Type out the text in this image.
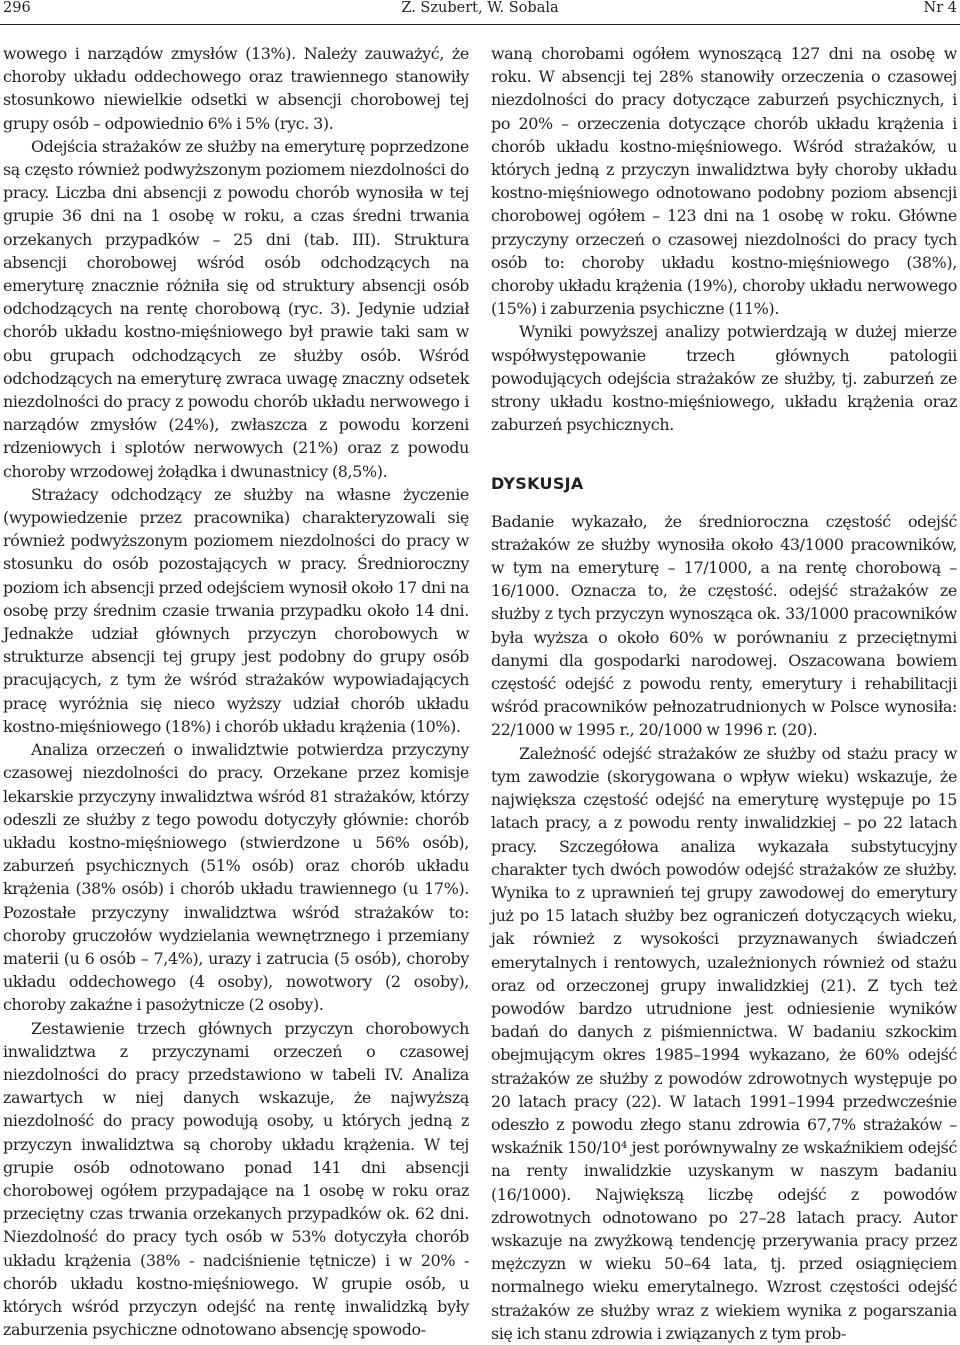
Z. Szubert, W. Sobala
296	Nr 4

wowego i narządów zmysłów (13%). Należy zauważyć, że choroby układu oddechowego oraz trawiennego stanowiły stosunkowo niewielkie odsetki w absencji chorobowej tej grupy osób – odpowiednio 6% i 5% (ryc. 3).

Odejścia strażaków ze służby na emeryturę poprzedzone są często również podwyższonym poziomem niezdolności do pracy. Liczba dni absencji z powodu chorób wynosiła w tej grupie 36 dni na 1 osobę w roku, a czas średni trwania orzekanych przypadków – 25 dni (tab. III). Struktura absencji chorobowej wśród osób odchodzących na emeryturę znacznie różniła się od struktury absencji osób odchodzących na rentę chorobową (ryc. 3). Jedynie udział chorób układu kostno-mięśniowego był prawie taki sam w obu grupach odchodzących ze służby osób. Wśród odchodzących na emeryturę zwraca uwagę znaczny odsetek niezdolności do pracy z powodu chorób układu nerwowego i narządów zmysłów (24%), zwłaszcza z powodu korzeni rdzeniowych i splotów nerwowych (21%) oraz z powodu choroby wrzodowej żołądka i dwunastnicy (8,5%).

Strażacy odchodzący ze służby na własne życzenie (wypowiedzenie przez pracownika) charakteryzowali się również podwyższonym poziomem niezdolności do pracy w stosunku do osób pozostających w pracy. Średnioroczny poziom ich absencji przed odejściem wynosił około 17 dni na osobę przy średnim czasie trwania przypadku około 14 dni. Jednakże udział głównych przyczyn chorobowych w strukturze absencji tej grupy jest podobny do grupy osób pracujących, z tym że wśród strażaków wypowiadających pracę wyróżnia się nieco wyższy udział chorób układu kostno-mięśniowego (18%) i chorób układu krążenia (10%).

Analiza orzeczeń o inwalidztwie potwierdza przyczyny czasowej niezdolności do pracy. Orzekane przez komisje lekarskie przyczyny inwalidztwa wśród 81 strażaków, którzy odeszli ze służby z tego powodu dotyczyły głównie: chorób układu kostno-mięśniowego (stwierdzone u 56% osób), zaburzeń psychicznych (51% osób) oraz chorób układu krążenia (38% osób) i chorób układu trawiennego (u 17%). Pozostałe przyczyny inwalidztwa wśród strażaków to: choroby gruczołów wydzielania wewnętrznego i przemiany materii (u 6 osób – 7,4%), urazy i zatrucia (5 osób), choroby układu oddechowego (4 osoby), nowotwory (2 osoby), choroby zakaźne i pasożytnicze (2 osoby).

Zestawienie trzech głównych przyczyn chorobowych inwalidztwa z przyczynami orzeczeń o czasowej niezdolności do pracy przedstawiono w tabeli IV. Analiza zawartych w niej danych wskazuje, że najwyższą niezdolność do pracy powodują osoby, u których jedną z przyczyn inwalidztwa są choroby układu krążenia. W tej grupie osób odnotowano ponad 141 dni absencji chorobowej ogółem przypadające na 1 osobę w roku oraz przeciętny czas trwania orzekanych przypadków ok. 62 dni. Niezdolność do pracy tych osób w 53% dotyczyła chorób układu krążenia (38% - nadciśnienie tętnicze) i w 20% - chorób układu kostno-mięśniowego. W grupie osób, u których wśród przyczyn odejść na rentę inwalidzką były zaburzenia psychiczne odnotowano absencję spowodo-

waną chorobami ogółem wynoszącą 127 dni na osobę w roku. W absencji tej 28% stanowiły orzeczenia o czasowej niezdolności do pracy dotyczące zaburzeń psychicznych, i po 20% – orzeczenia dotyczące chorób układu krążenia i chorób układu kostno-mięśniowego. Wśród strażaków, u których jedną z przyczyn inwalidztwa były choroby układu kostno-mięśniowego odnotowano podobny poziom absencji chorobowej ogółem – 123 dni na 1 osobę w roku. Główne przyczyny orzeczeń o czasowej niezdolności do pracy tych osób to: choroby układu kostno-mięśniowego (38%), choroby układu krążenia (19%), choroby układu nerwowego (15%) i zaburzenia psychiczne (11%).

Wyniki powyższej analizy potwierdzają w dużej mierze współwystępowanie trzech głównych patologii powodujących odejścia strażaków ze służby, tj. zaburzeń ze strony układu kostno-mięśniowego, układu krążenia oraz zaburzeń psychicznych.

DYSKUSJA

Badanie wykazało, że średnioroczna częstość odejść strażaków ze służby wynosiła około 43/1000 pracowników, w tym na emeryturę – 17/1000, a na rentę chorobową – 16/1000. Oznacza to, że częstość. odejść strażaków ze służby z tych przyczyn wynosząca ok. 33/1000 pracowników była wyższa o około 60% w porównaniu z przeciętnymi danymi dla gospodarki narodowej. Oszacowana bowiem częstość odejść z powodu renty, emerytury i rehabilitacji wśród pracowników pełnozatrudnionych w Polsce wynosiła: 22/1000 w 1995 r., 20/1000 w 1996 r. (20).

Zależność odejść strażaków ze służby od stażu pracy w tym zawodzie (skorygowana o wpływ wieku) wskazuje, że największa częstość odejść na emeryturę występuje po 15 latach pracy, a z powodu renty inwalidzkiej – po 22 latach pracy. Szczegółowa analiza wykazała substytucyjny charakter tych dwóch powodów odejść strażaków ze służby. Wynika to z uprawnień tej grupy zawodowej do emerytury już po 15 latach służby bez ograniczeń dotyczących wieku, jak również z wysokości przyznawanych świadczeń emerytalnych i rentowych, uzależnionych również od stażu oraz od orzeczonej grupy inwalidzkiej (21). Z tych też powodów bardzo utrudnione jest odniesienie wyników badań do danych z piśmiennictwa. W badaniu szkockim obejmującym okres 1985–1994 wykazano, że 60% odejść strażaków ze służby z powodów zdrowotnych występuje po 20 latach pracy (22). W latach 1991–1994 przedwcześnie odeszło z powodu złego stanu zdrowia 67,7% strażaków – wskaźnik 150/10⁴ jest porównywalny ze wskaźnikiem odejść na renty inwalidzkie uzyskanym w naszym badaniu (16/1000). Największą liczbę odejść z powodów zdrowotnych odnotowano po 27–28 latach pracy. Autor wskazuje na zwyżkową tendencję przerywania pracy przez mężczyzn w wieku 50–64 lata, tj. przed osiągnięciem normalnego wieku emerytalnego. Wzrost częstości odejść strażaków ze służby wraz z wiekiem wynika z pogarszania się ich stanu zdrowia i związanych z tym prob-
